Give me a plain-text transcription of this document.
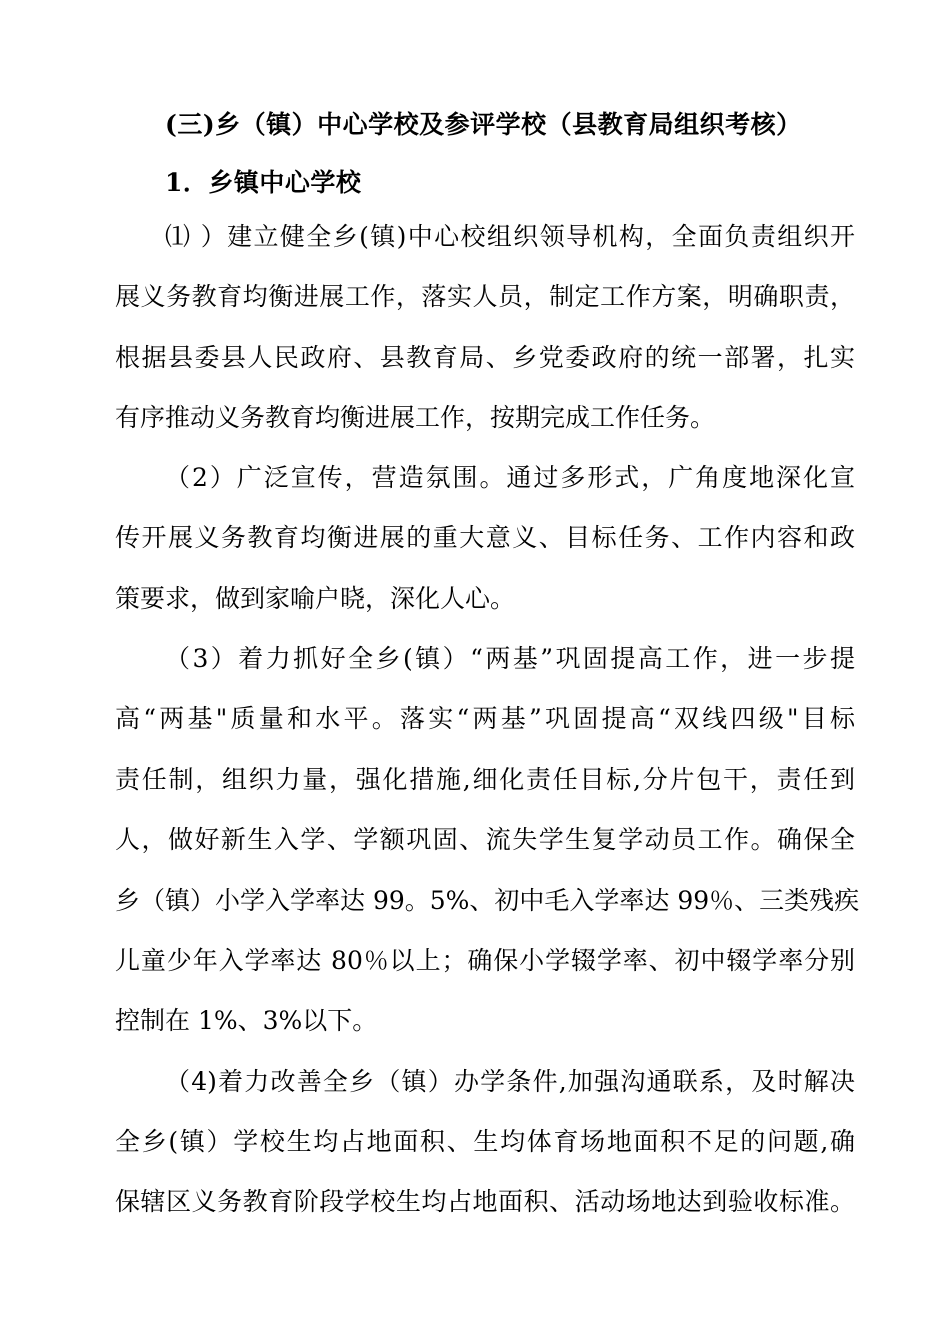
(三)乡（镇）中心学校及参评学校（县教育局组织考核）
1．乡镇中心学校
⑴ ）建立健全乡(镇)中心校组织领导机构，全面负责组织开
展义务教育均衡进展工作，落实人员，制定工作方案，明确职责，
根据县委县人民政府、县教育局、乡党委政府的统一部署，扎实
有序推动义务教育均衡进展工作，按期完成工作任务。
（2）广泛宣传，营造氛围。通过多形式，广角度地深化宣
传开展义务教育均衡进展的重大意义、目标任务、工作内容和政
策要求，做到家喻户晓，深化人心。
（3）着力抓好全乡(镇）“两基”巩固提高工作，进一步提
高“两基"质量和水平。落实“两基”巩固提高“双线四级"目标
责任制，组织力量，强化措施,细化责任目标,分片包干，责任到
人，做好新生入学、学额巩固、流失学生复学动员工作。确保全
乡（镇）小学入学率达 99。5%、初中毛入学率达 99％、三类残疾
儿童少年入学率达 80％以上；确保小学辍学率、初中辍学率分别
控制在 1%、3%以下。
（4)着力改善全乡（镇）办学条件,加强沟通联系，及时解决
全乡(镇）学校生均占地面积、生均体育场地面积不足的问题,确
保辖区义务教育阶段学校生均占地面积、活动场地达到验收标准。
